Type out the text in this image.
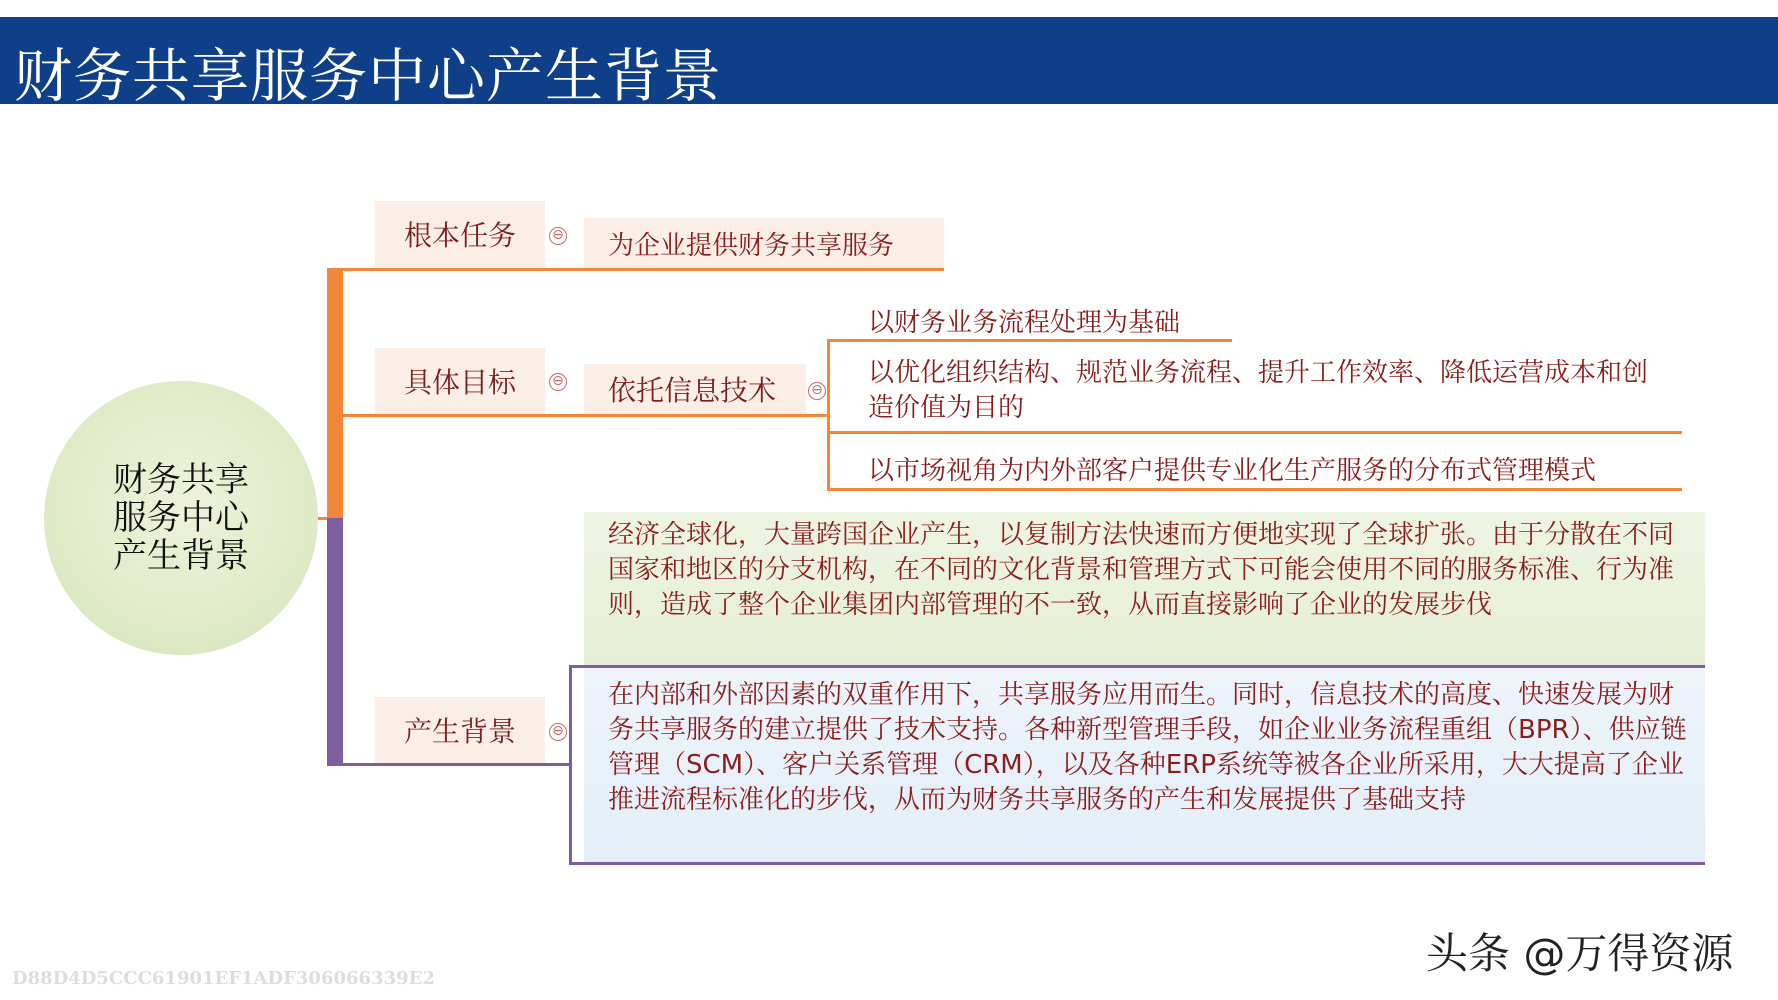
财务共享服务中心产生背景
财务共享
服务中心
产生背景
根本任务	⊖	为企业提供财务共享服务
具体目标	⊖	依托信息技术	⊖
以财务业务流程处理为基础
以优化组织结构、规范业务流程、提升工作效率、降低运营成本和创造价值为目的
以市场视角为内外部客户提供专业化生产服务的分布式管理模式
产生背景	⊖
经济全球化，大量跨国企业产生，以复制方法快速而方便地实现了全球扩张。由于分散在不同国家和地区的分支机构，在不同的文化背景和管理方式下可能会使用不同的服务标准、行为准则，造成了整个企业集团内部管理的不一致，从而直接影响了企业的发展步伐
在内部和外部因素的双重作用下，共享服务应用而生。同时，信息技术的高度、快速发展为财务共享服务的建立提供了技术支持。各种新型管理手段，如企业业务流程重组（BPR）、供应链管理（SCM）、客户关系管理（CRM），以及各种ERP系统等被各企业所采用，大大提高了企业推进流程标准化的步伐，从而为财务共享服务的产生和发展提供了基础支持
D88D4D5CCC61901EF1ADF306066339E2
头条 @万得资源
